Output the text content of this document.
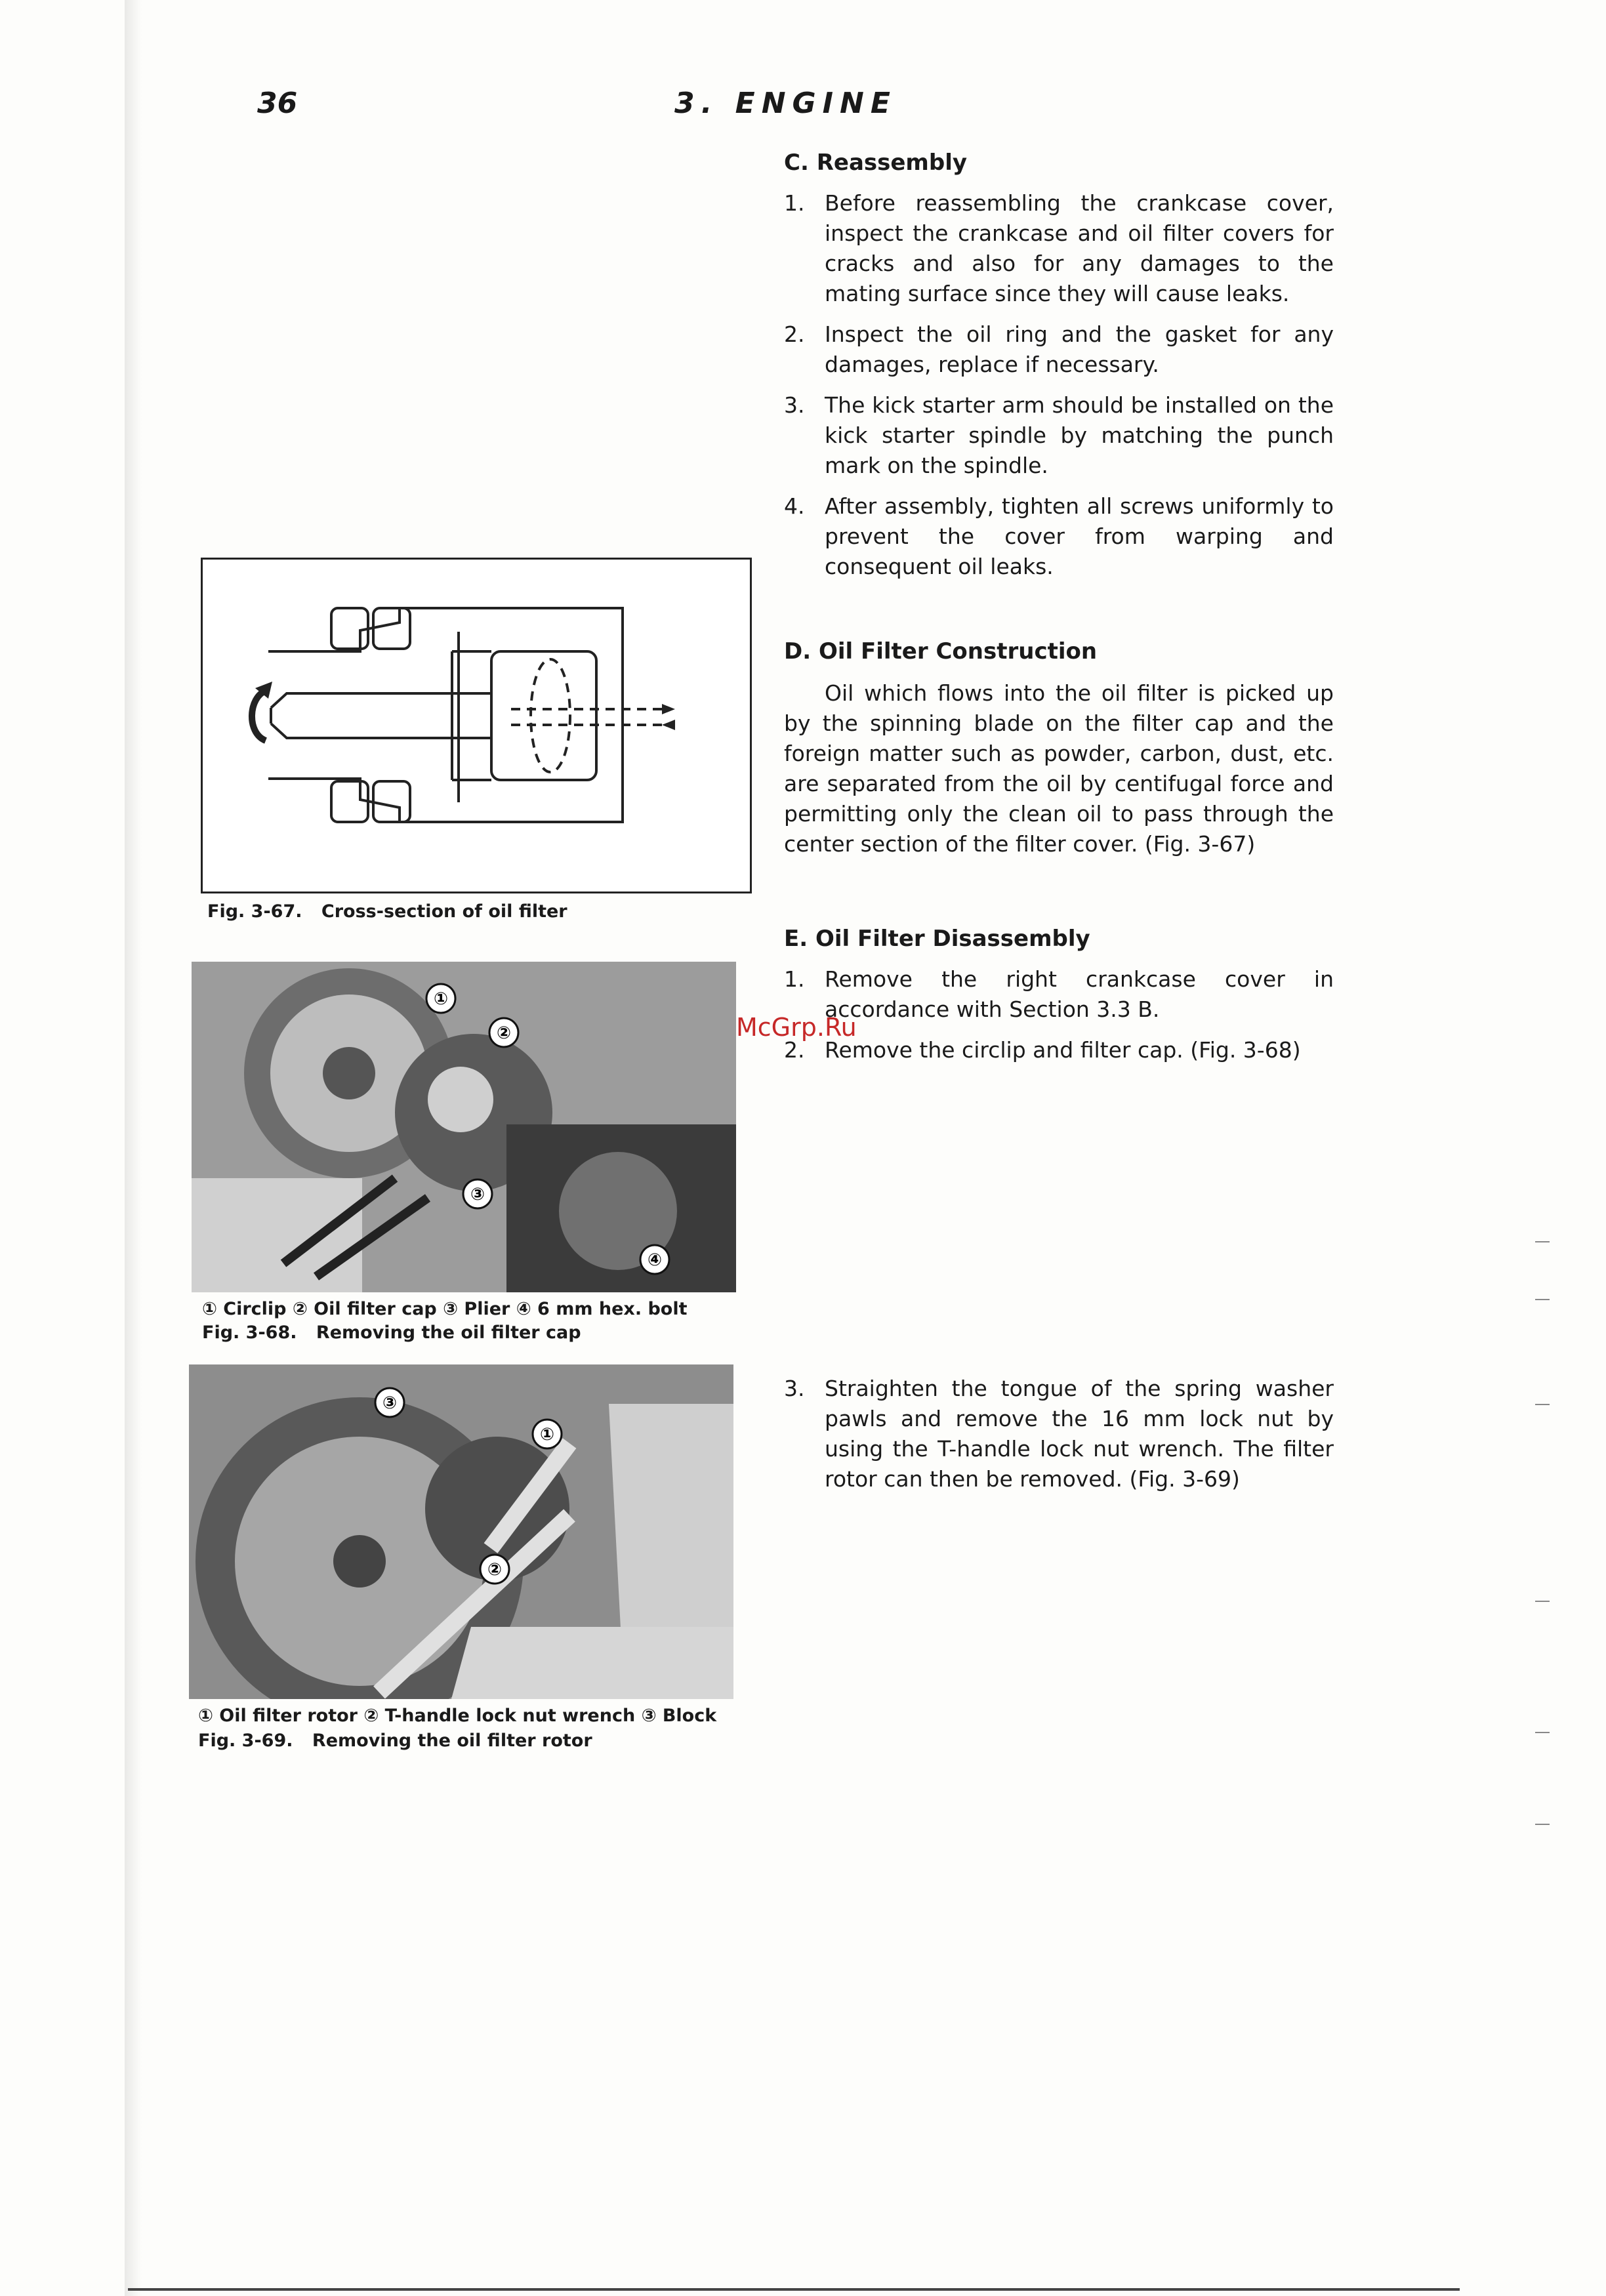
36	3. ENGINE
C. Reassembly
1. Before reassembling the crankcase cover, inspect the crankcase and oil filter covers for cracks and also for any damages to the mating surface since they will cause leaks.
2. Inspect the oil ring and the gasket for any damages, replace if necessary.
3. The kick starter arm should be installed on the kick starter spindle by matching the punch mark on the spindle.
4. After assembly, tighten all screws uniformly to prevent the cover from warping and consequent oil leaks.
D. Oil Filter Construction

Oil which flows into the oil filter is picked up by the spinning blade on the filter cap and the foreign matter such as powder, carbon, dust, etc. are separated from the oil by centifugal force and permitting only the clean oil to pass through the center section of the filter cover. (Fig. 3-67)

E. Oil Filter Disassembly
1. Remove the right crankcase cover in accordance with Section 3.3 B.
2. Remove the circlip and filter cap. (Fig. 3-68)
3. Straighten the tongue of the spring washer pawls and remove the 16 mm lock nut by using the T-handle lock nut wrench. The filter rotor can then be removed. (Fig. 3-69)
McGrp.Ru
Fig. 3-67. Cross-section of oil filter
①
②
③
④
① Circlip ② Oil filter cap ③ Plier ④ 6 mm hex. bolt
Fig. 3-68. Removing the oil filter cap
①
②
③
① Oil filter rotor ② T-handle lock nut wrench ③ Block
Fig. 3-69. Removing the oil filter rotor
